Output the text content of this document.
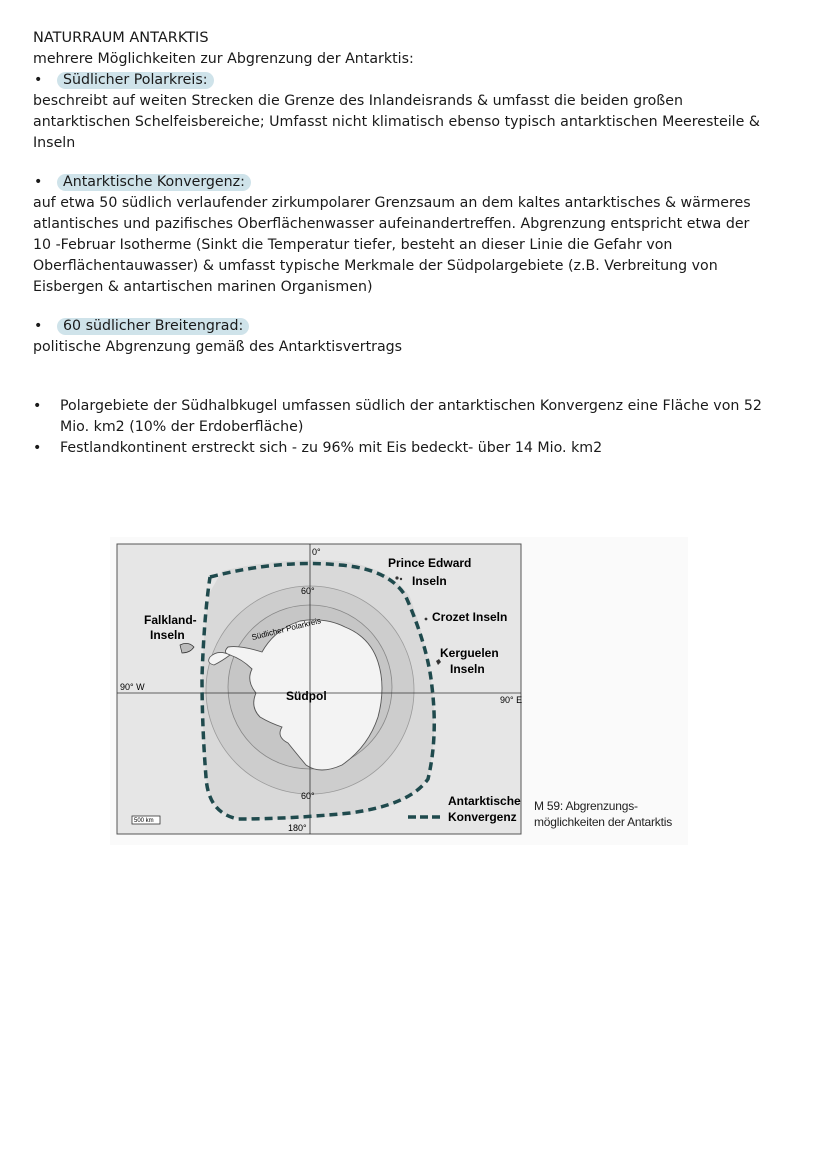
NATURRAUM ANTARKTIS
mehrere Möglichkeiten zur Abgrenzung der Antarktis:
• Südlicher Polarkreis:
beschreibt auf weiten Strecken die Grenze des Inlandeisrands & umfasst die beiden großen
antarktischen Schelfeisbereiche; Umfasst nicht klimatisch ebenso typisch antarktischen Meeresteile &
Inseln
• Antarktische Konvergenz:
auf etwa 50 südlich verlaufender zirkumpolarer Grenzsaum an dem kaltes antarktisches & wärmeres
atlantisches und pazifisches Oberflächenwasser aufeinandertreffen. Abgrenzung entspricht etwa der
10 -Februar Isotherme (Sinkt die Temperatur tiefer, besteht an dieser Linie die Gefahr von
Oberflächentauwasser) & umfasst typische Merkmale der Südpolargebiete (z.B. Verbreitung von
Eisbergen & antartischen marinen Organismen)
• 60 südlicher Breitengrad:
politische Abgrenzung gemäß des Antarktisvertrags
•	Polargebiete der Südhalbkugel umfassen südlich der antarktischen Konvergenz eine Fläche von 52
Mio. km2 (10% der Erdoberfläche)
•	Festlandkontinent erstreckt sich - zu 96% mit Eis bedeckt- über 14 Mio. km2
0°
180°
90° W
90° E
60°
60°
Südlicher Polarkreis
Südpol
Falkland-
Inseln
Prince Edward
Inseln
Crozet Inseln
Kerguelen
Inseln
500 km
Antarktische
Konvergenz
M 59: Abgrenzungs-
möglichkeiten der Antarktis
